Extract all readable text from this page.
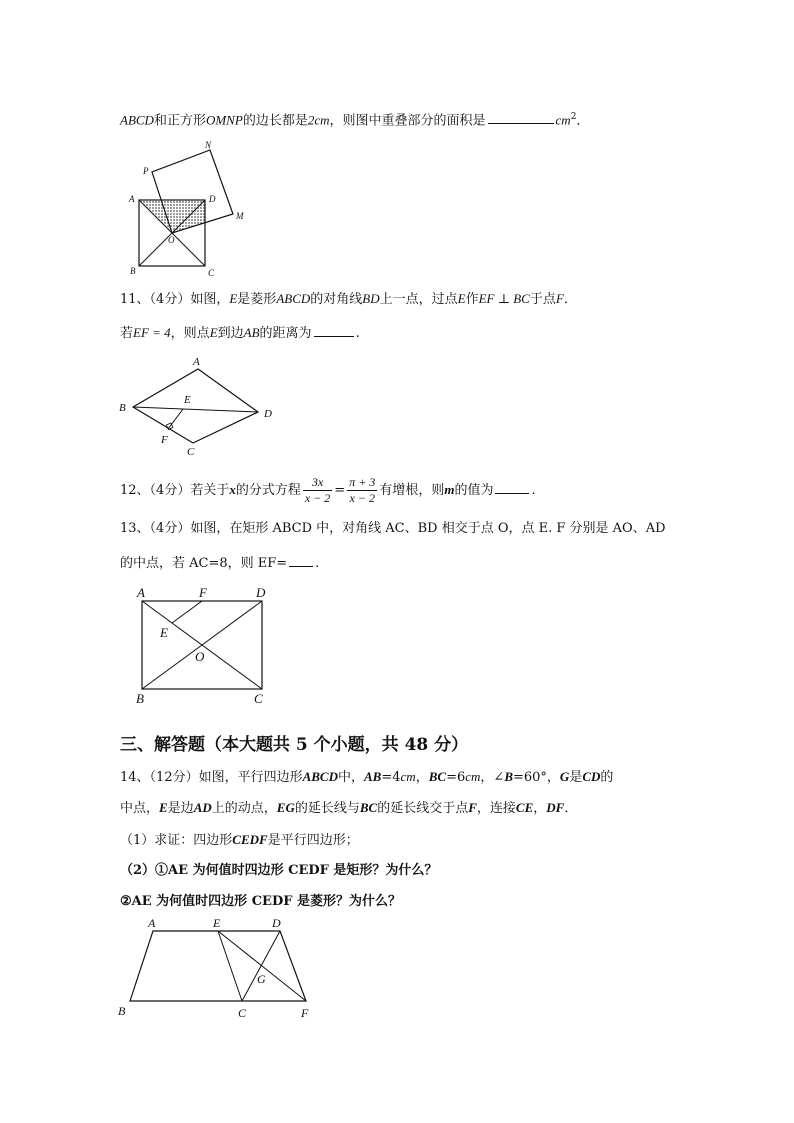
ABCD和正方形OMNP的边长都是2cm，则图中重叠部分的面积是	$cm^2$．
P
N
A	D
M
O
B	C
11、（4分）如图，E是菱形ABCD的对角线BD上一点，过点E作EF ⊥ BC于点F．
若EF = 4，则点E到边AB的距离为	.
A
B
E
D
F
C
12、（4分）若关于x的分式方程 $\frac{3x}{x - 2} = \frac{\pi + 3}{x - 2}$ 有增根，则m的值为	.
13、（4分）如图，在矩形 ABCD 中，对角线 AC、BD 相交于点 O，点 E. F 分别是 AO、AD
的中点，若 AC=8，则 EF= .
A	F	D
E
O
B	C
三、解答题（本大题共 5 个小题，共 48 分）
14、（12分）如图，平行四边形ABCD中，AB=4cm，BC=6cm，∠B=60°，G是CD的
中点，E是边AD上的动点，EG的延长线与BC的延长线交于点F，连接CE，DF．
（1）求证：四边形CEDF是平行四边形；
（2）①AE 为何值时四边形 CEDF 是矩形？为什么？
②AE 为何值时四边形 CEDF 是菱形？为什么？
A	E	D
G
B	C	F
